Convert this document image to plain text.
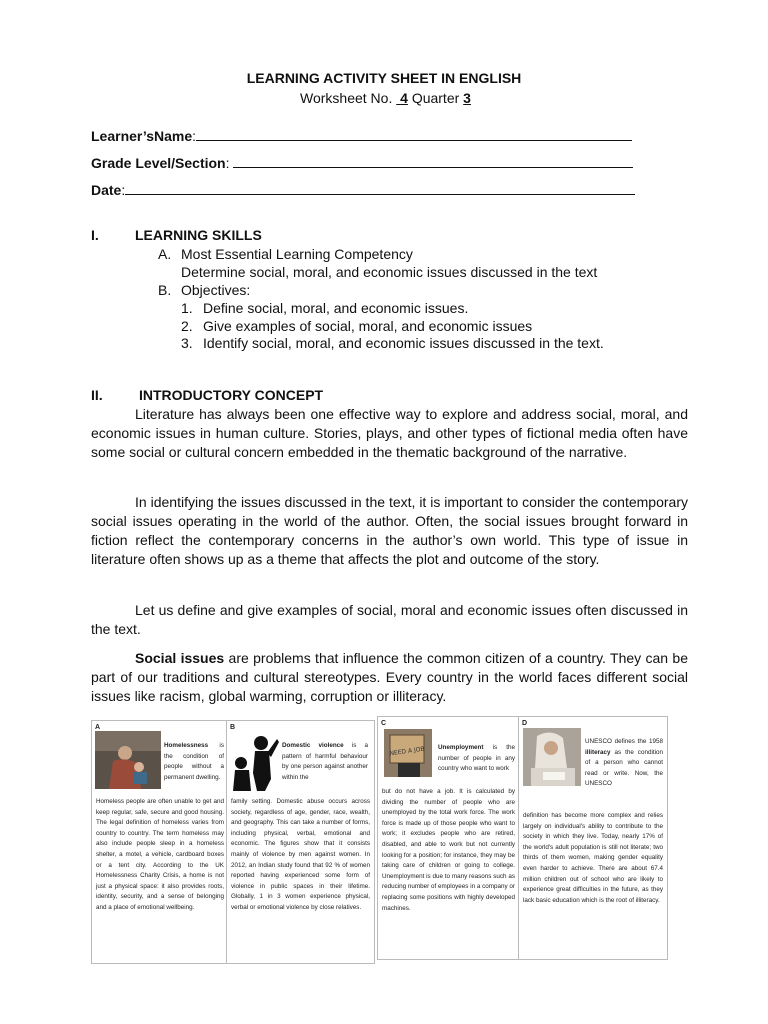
LEARNING ACTIVITY SHEET IN ENGLISH
Worksheet No. 4 Quarter 3
Learner’sName:
Grade Level/Section:
Date:
I.	LEARNING SKILLS
A. Most Essential Learning Competency
Determine social, moral, and economic issues discussed in the text
B. Objectives:
1. Define social, moral, and economic issues.
2. Give examples of social, moral, and economic issues
3. Identify social, moral, and economic issues discussed in the text.
II.	INTRODUCTORY CONCEPT
Literature has always been one effective way to explore and address social, moral, and economic issues in human culture. Stories, plays, and other types of fictional media often have some social or cultural concern embedded in the thematic background of the narrative.
In identifying the issues discussed in the text, it is important to consider the contemporary social issues operating in the world of the author. Often, the social issues brought forward in fiction reflect the contemporary concerns in the author’s own world. This type of issue in literature often shows up as a theme that affects the plot and outcome of the story.
Let us define and give examples of social, moral and economic issues often discussed in the text.
Social issues are problems that influence the common citizen of a country. They can be part of our traditions and cultural stereotypes. Every country in the world faces different social issues like racism, global warming, corruption or illiteracy.
A
Homelessness is the condition of people without a permanent dwelling.
Homeless people are often unable to get and keep regular, safe, secure and good housing. The legal definition of homeless varies from country to country. The term homeless may also include people sleep in a homeless shelter, a motel, a vehicle, cardboard boxes or a tent city. According to the UK Homelessness Charity Crisis, a home is not just a physical space: it also provides roots, identity, security, and a sense of belonging and a place of emotional wellbeing.
B
Domestic violence is a pattern of harmful behaviour by one person against another within the
family setting. Domestic abuse occurs across society, regardless of age, gender, race, wealth, and geography. This can take a number of forms, including physical, verbal, emotional and economic. The figures show that it consists mainly of violence by men against women. In 2012, an Indian study found that 92 % of women reported having experienced some form of violence in public spaces in their lifetime. Globally, 1 in 3 women experience physical, verbal or emotional violence by close relatives.
C
NEED A JOB Unemployment is the number of people in any country who want to work
but do not have a job. It is calculated by dividing the number of people who are unemployed by the total work force. The work force is made up of those people who want to work; it excludes people who are retired, disabled, and able to work but not currently looking for a position; for instance, they may be taking care of children or going to college. Unemployment is due to many reasons such as reducing number of employees in a company or replacing some positions with highly developed machines.
D
UNESCO defines the 1958 illiteracy as the condition of a person who cannot read or write. Now, the UNESCO
definition has become more complex and relies largely on individual's ability to contribute to the society in which they live. Today, nearly 17% of the world's adult population is still not literate; two thirds of them women, making gender equality even harder to achieve. There are about 67.4 million children out of school who are likely to experience great difficulties in the future, as they lack basic education which is the root of illiteracy.
